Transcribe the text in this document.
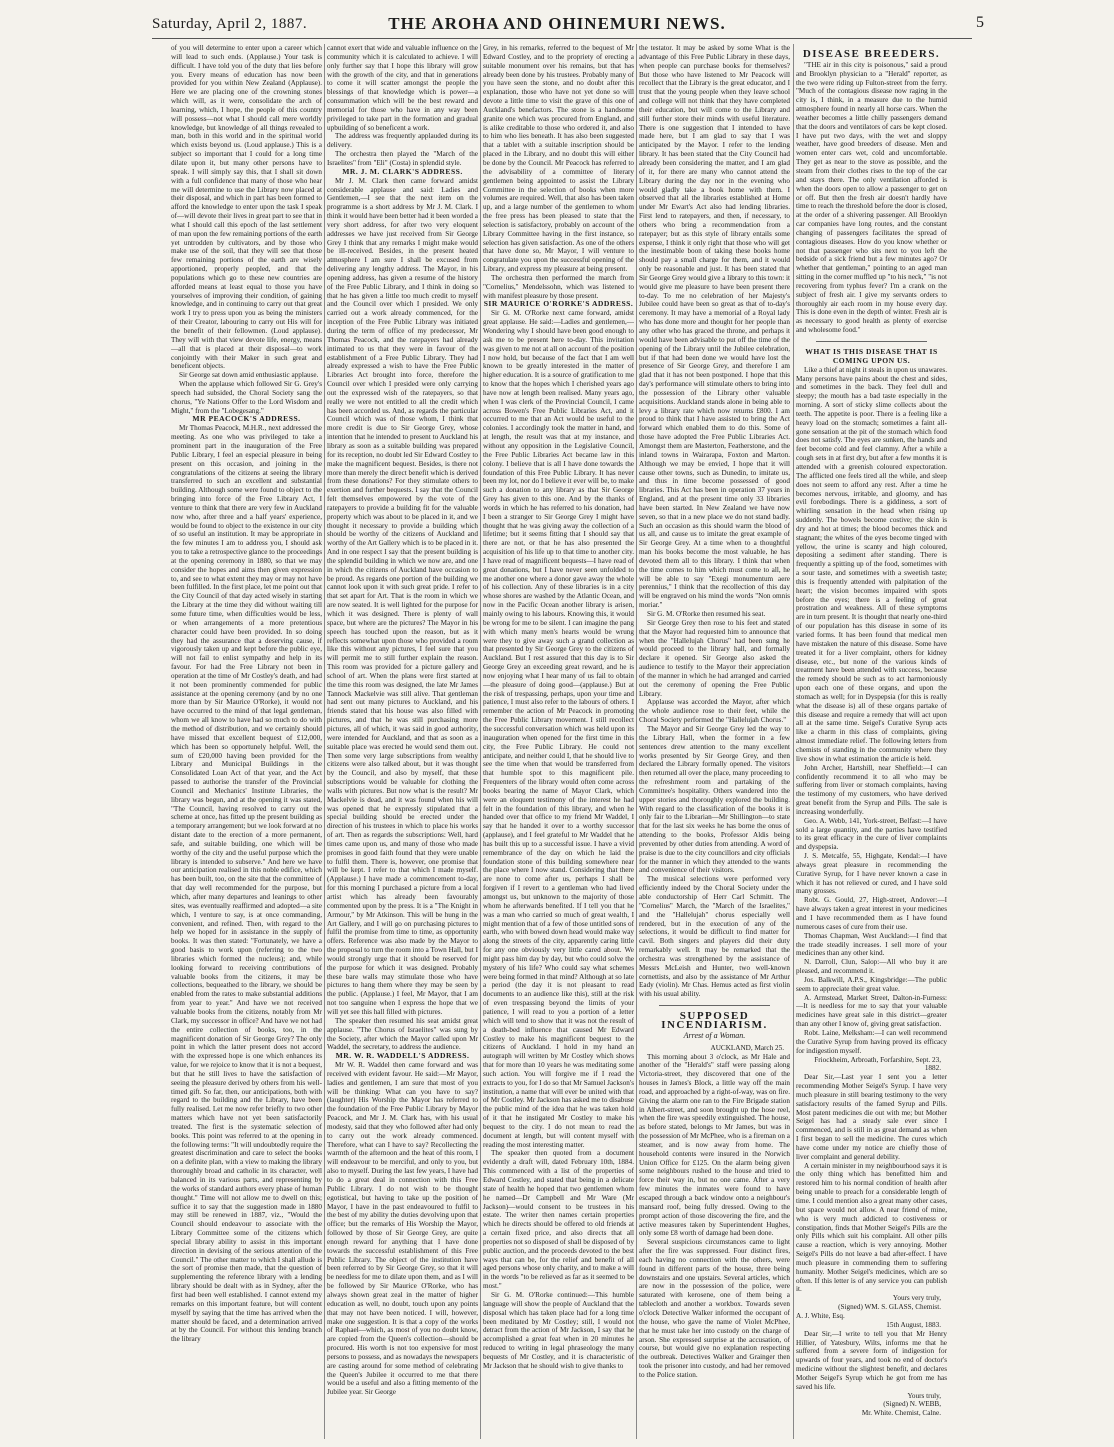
Saturday, April 2, 1887.	THE AROHA AND OHINEMURI NEWS.	5

of you will determine to enter upon a career which will lead to such ends. (Applause.) Your task is difficult. I have told you of the duty that lies before you. Every means of education has now been provided for you within New Zealand (Applause). Here we are placing one of the crowning stones which will, as it were, consolidate the arch of learning, which, I hope, the people of this country will possess—not what I should call mere worldly knowledge, but knowledge of all things revealed to man, both in this world and in the spiritual world which exists beyond us. (Loud applause.) This is a subject so important that I could for a long time dilate upon it, but many other persons have to speak. I will simply say this, that I shall sit down with a full confidence that many of those who hear me will determine to use the Library now placed at their disposal, and which in part has been formed to afford the knowledge to enter upon the task I speak of—will devote their lives in great part to see that in what I should call this epoch of the last settlement of man upon the few remaining portions of the earth yet untrodden by cultivators, and by those who make use of the soil, that they will see that those few remaining portions of the earth are wisely apportioned, properly peopled, and that the populations which go to these new countries are afforded means at least equal to those you have yourselves of improving their condition, of gaining knowledge, and in continuing to carry out that great work I try to press upon you as being the ministers of their Creator, labouring to carry out His will for the benefit of their fellowmen. (Loud applause). They will with that view devote life, energy, means—all that is placed at their disposal—to work conjointly with their Maker in such great and beneficent objects.

Sir George sat down amid enthusiastic applause.

When the applause which followed Sir G. Grey's speech had subsided, the Choral Society sang the chorus, "Ye Nations Offer to the Lord Wisdom and Might," from the "Lobegesang."

MR PEACOCK'S ADDRESS.

Mr Thomas Peacock, M.H.R., next addressed the meeting. As one who was privileged to take a prominent part in the inauguration of the Free Public Library, I feel an especial pleasure in being present on this occasion, and joining in the congratulations of the citizens at seeing the library transferred to such an excellent and substantial building. Although some were found to object to the bringing into force of the Free Library Act, I venture to think that there are very few in Auckland now who, after three and a half years' experience, would be found to object to the existence in our city of so useful an institution. It may be appropriate in the few minutes I am to address you, I should ask you to take a retrospective glance to the proceedings at the opening ceremony in 1880, so that we may consider the hopes and aims then given expression to, and see to what extent they may or may not have been fulfilled. In the first place, let me point out that the City Council of that day acted wisely in starting the Library at the time they did without waiting till some future time, when difficulties would be less, or when arrangements of a more pretentious character could have been provided. In so doing they had the assurance that a deserving cause, if vigorously taken up and kept before the public eye, will not fail to enlist sympathy and help in its favour. For had the Free Library not been in operation at the time of Mr Costley's death, and had it not been prominently commended for public assistance at the opening ceremony (and by no one more than by Sir Maurice O'Rorke), it would not have occurred to the mind of that legal gentleman, whom we all know to have had so much to do with the method of distribution, and we certainly should have missed that excellent bequest of £12,000, which has been so opportunely helpful. Well, the sum of £20,000 having been provided for the Library and Municipal Buildings in the Consolidated Loan Act of that year, and the Act passed to authorise the transfer of the Provincial Council and Mechanics' Institute Libraries, the library was begun, and at the opening it was stated, "The Council, having resolved to carry out the scheme at once, has fitted up the present building as a temporary arrangement; but we look forward at no distant date to the erection of a more permanent, safe, and suitable building, one which will be worthy of the city and the useful purpose which the library is intended to subserve." And here we have our anticipation realised in this noble edifice, which has been built, too, on the site that the committee of that day well recommended for the purpose, but which, after many departures and leanings to other sites, was eventually reaffirmed and adopted—a site which, I venture to say, is at once commanding, convenient, and refined. Then, with regard to the help we hoped for in assistance in the supply of books. It was then stated: "Fortunately, we have a good basis to work upon (referring to the two libraries which formed the nucleus); and, while looking forward to receiving contributions of valuable books from the citizens, it may be collections, bequeathed to the library, we should be enabled from the rates to make substantial additions from year to year." And have we not received valuable books from the citizens, notably from Mr Clark, my successor in office? And have we not had the entire collection of books, too, in the magnificent donation of Sir George Grey? The only point in which the latter present does not accord with the expressed hope is one which enhances its value, for we rejoice to know that it is not a bequest, but that he still lives to have the satisfaction of seeing the pleasure derived by others from his well-timed gift. So far, then, our anticipations, both with regard to the building and the Library, have been fully realised. Let me now refer briefly to two other matters which have not yet been satisfactorily treated. The first is the systematic selection of books. This point was referred to at the opening in the following terms: "It will undoubtedly require the greatest discrimination and care to select the books on a definite plan, with a view to making the library thoroughly broad and catholic in its character, well balanced in its various parts, and representing by the works of standard authors every phase of human thought." Time will not allow me to dwell on this; suffice it to say that the suggestion made in 1880 may still be renewed in 1887, viz., "Would the Council should endeavour to associate with the Library Committee some of the citizens which special library ability to assist in this important direction in devising of the serious attention of the Council." The other matter to which I shall allude is the sort of promise then made, that the question of supplementing the reference library with a lending library should be dealt with as in Sydney, after the first had been well established. I cannot extend my remarks on this important feature, but will content myself by saying that the time has arrived when the matter should be faced, and a determination arrived at by the Council. For without this lending branch the library

cannot exert that wide and valuable influence on the community which it is calculated to achieve. I will only further say that I hope this library will grow with the growth of the city, and that in generations to come it will scatter amongst the people the blessings of that knowledge which is power—a consummation which will be the best reward and memorial for those who have in any way been privileged to take part in the formation and gradual upbuilding of so beneficent a work.

The address was frequently applauded during its delivery.

The orchestra then played the "March of the Israelites" from "Eli" (Costa) in splendid style.

MR. J. M. CLARK'S ADDRESS.

Mr J. M. Clark then came forward amidst considerable applause and said: Ladies and Gentlemen,—I see that the next item on the programme is a short address by Mr J. M. Clark. I think it would have been better had it been worded a very short address, for after two very eloquent addresses we have just received from Sir George Grey I think that any remarks I might make would be ill-received. Besides, in the present heated atmosphere I am sure I shall be excused from delivering any lengthy address. The Mayor, in his opening address, has given a resume of the history of the Free Public Library, and I think in doing so that he has given a little too much credit to myself and the Council over which I presided. We only carried out a work already commenced, for the inception of the Free Public Library was initiated during the term of office of my predecessor, Mr Thomas Peacock, and the ratepayers had already intimated to us that they were in favour of the establishment of a Free Public Library. They had already expressed a wish to have the Free Public Libraries Act brought into force, therefore the Council over which I presided were only carrying out the expressed wish of the ratepayers, so that really we were not entitled to all the credit which has been accorded us. And, as regards the particular Council which was of those whom, I think that more credit is due to Sir George Grey, whose intention that he intended to present to Auckland his library as soon as a suitable building was prepared for its reception, no doubt led Sir Edward Costley to make the magnificent bequest. Besides, is there not more than merely the direct benefit which is derived from these donations? For they stimulate others to exertion and further bequests. I say that the Council felt themselves empowered by the vote of the ratepayers to provide a building fit for the valuable property which was about to be placed in it, and we thought it necessary to provide a building which should be worthy of the citizens of Auckland and worthy of the Art Gallery which is to be placed in it. And in one respect I say that the present building is the splendid building in which we now are, and one in which the citizens of Auckland have occasion to be proud. As regards one portion of the building we cannot look upon it with such great pride. I refer to that set apart for Art. That is the room in which we are now seated. It is well lighted for the purpose for which it was designed. There is plenty of wall space, but where are the pictures? The Mayor in his speech has touched upon the reason, but as it reflects somewhat upon those who provided a room like this without any pictures, I feel sure that you will permit me to still further explain the reason. This room was provided for a picture gallery and school of art. When the plans were first started at the time this room was designed, the late Mr James Tannock Mackelvie was still alive. That gentleman had sent out many pictures to Auckland, and his friends stated that his house was also filled with pictures, and that he was still purchasing more pictures, all of which, it was said in good authority, were intended for Auckland, and that as soon as a suitable place was erected he would send them out. Then some very large subscriptions from wealthy citizens were also talked about, but it was thought by the Council, and also by myself, that these subscriptions would be valuable for clothing the walls with pictures. But now what is the result? Mr Mackelvie is dead, and it was found when his will was opened that he expressly stipulated that a special building should be erected under the direction of his trustees in which to place his works of art. Then as regards the subscriptions: Well, hard times came upon us, and many of those who made promises in good faith found that they were unable to fulfil them. There is, however, one promise that will be kept. I refer to that which I made myself. (Applause.) I have made a commencement to-day, for this morning I purchased a picture from a local artist which has already been favourably commented upon by the press. It is a "The Knight in Armour," by Mr Atkinson. This will be hung in the Art Gallery, and I will go on purchasing pictures to fulfil the promise from time to time, as opportunity offers. Reference was also made by the Mayor to the proposal to turn the room into a Town Hall, but I would strongly urge that it should be reserved for the purpose for which it was designed. Probably these bare walls may stimulate those who have pictures to hang them where they may be seen by the public. (Applause.) I feel, Mr Mayor, that I am not too sanguine when I express the hope that we will yet see this hall filled with pictures.

The speaker then resumed his seat amidst great applause. "The Chorus of Israelites" was sung by the Society, after which the Mayor called upon Mr Waddel, the secretary, to address the audience.

MR. W. R. WADDELL'S ADDRESS.

Mr W. R. Waddel then came forward and was received with evident favour. He said:—Mr Mayor, ladies and gentlemen, I am sure that most of you will be thinking: What can you have to say? (laughter) His Worship the Mayor has referred to the foundation of the Free Public Library by Mayor Peacock, and Mr J. M. Clark has, with his usual modesty, said that they who followed after had only to carry out the work already commenced. Therefore, what can I have to say? Recollecting the warmth of the afternoon and the heat of this room, I will endeavour to be merciful, and only to you, but also to myself. During the last few years, I have had to do a great deal in connection with this Free Public Library. I do not wish to be thought egotistical, but having to take up the position of Mayor, I have in the past endeavoured to fulfil to the best of my ability the duties devolving upon that office; but the remarks of His Worship the Mayor, followed by those of Sir George Grey, are quite enough reward for anything that I have done towards the successful establishment of this Free Public Library. The object of the institution have been referred to by Sir George Grey, so that it will be needless for me to dilate upon them, and as I will be followed by Sir Maurice O'Rorke, who has always shown great zeal in the matter of higher education as well, no doubt, touch upon any points that may not have been noticed. I will, however, make one suggestion. It is that a copy of the works of Raphael—which, as most of you no doubt know, are copied from the Queen's collection—should be procured. His worth is not too expensive for most persons to possess, and as nowadays the newspapers are casting around for some method of celebrating the Queen's Jubilee it occurred to me that there would be a useful and also a fitting memento of the Jubilee year. Sir George

Grey, in his remarks, referred to the bequest of Mr Edward Costley, and to the propriety of erecting a suitable monument over his remains, but that has already been done by his trustees. Probably many of you have seen the stone, and no doubt after this explanation, those who have not yet done so will devote a little time to visit the grave of this one of Auckland's benefactors. The stone is a handsome granite one which was procured from England, and is alike creditable to those who ordered it, and also to him who lies beneath. It has also been suggested that a tablet with a suitable inscription should be placed in the Library, and no doubt this will either be done by the Council. Mr Peacock has referred to the advisability of a committee of literary gentlemen being appointed to assist the Library Committee in the selection of books when more volumes are required. Well, that also has been taken up, and a large number of the gentlemen to whom the free press has been pleased to state that the selection is satisfactory, probably on account of the Library Committee having in the first instance, so selection has given satisfaction. As one of the others that have done so, Mr Mayor, I will venture to congratulate you upon the successful opening of the Library, and express my pleasure at being present.

The orchestra then performed the march from "Cornelius," Mendelssohn, which was listened to with manifest pleasure by those present.

SIR MAURICE O'RORKE'S ADDRESS.

Sir G. M. O'Rorke next came forward, amidst great applause. He said:—Ladies and gentlemen,—Wondering why I should have been good enough to ask me to be present here to-day. This invitation was given to me not at all on account of the position I now hold, but because of the fact that I am well known to be greatly interested in the matter of higher education. It is a source of gratification to me to know that the hopes which I cherished years ago have now at length been realised. Many years ago, when I was clerk of the Provincial Council, I came across Bowen's Free Public Libraries Act, and it occurred to me that an Act would be useful to the colonies. I accordingly took the matter in hand, and at length, the result was that at my instance, and without any opposition in the Legislative Council, the Free Public Libraries Act became law in this colony. I believe that is all I have done towards the foundation of this Free Public Library. It has never been my lot, nor do I believe it ever will be, to make such a donation to any library as that Sir George Grey has given to this one. And by the thanks of words in which he has referred to his donation, had I been a stranger to Sir George Grey I might have thought that he was giving away the collection of a lifetime; but it seems fitting that I should say that there are not, or that he has also presented the acquisition of his life up to that time to another city. I have read of magnificent bequests—I have read of great donations, but I have never seen unfolded to me another one where a donor gave away the whole of his collection. Any of these libraries is in a city whose shores are washed by the Atlantic Ocean, and now in the Pacific Ocean another library is arisen, mainly owing to his labours. Knowing this, it would be wrong for me to be silent. I can imagine the pang with which many men's hearts would be wrung were they to give away such a grand collection as that presented by Sir George Grey to the citizens of Auckland. But I rest assured that this day is to Sir George Grey an exceeding great reward, and he is now enjoying what I hear many of us fail to obtain—the pleasure of doing good—(applause.) But at the risk of trespassing, perhaps, upon your time and patience, I must also refer to the labours of others. I remember the action of Mr Peacock in promoting the Free Public Library movement. I still recollect the successful conversation which was held upon its inauguration when opened for the first time in this city, the Free Public Library. He could not anticipate, and neither could I, that he should live to see the time when that would be transferred from that humble spot to this magnificent pile. Frequenters of the library would often come across books bearing the name of Mayor Clark, which were an eloquent testimony of the interest he had felt in the foundation of this library, and when he handed over that office to my friend Mr Waddel, I say that he handed it over to a worthy successor (applause), and I feel grateful to Mr Waddel that he has built this up to a successful issue. I have a vivid remembrance of the day on which he laid the foundation stone of this building somewhere near the place where I now stand. Considering that there are none to come after us, perhaps I shall be forgiven if I revert to a gentleman who had lived amongst us, but unknown to the majority of those whom he afterwards benefited. If I tell you that he was a man who carried so much of great wealth, I might mention that of a few of those untitled sons of earth, who with bowed down head would make way along the streets of the city, apparently caring little for any one obviously very little cared about. We might pass him day by day, but who could solve the mystery of his life? Who could say what schemes were being formed in that mind? Although at so late a period (the day it is not pleasant to read documents to an audience like this), still at the risk of even trespassing beyond the limits of your patience, I will read to you a portion of a letter which will tend to show that it was not the result of a death-bed influence that caused Mr Edward Costley to make his magnificent bequest to the citizens of Auckland. I hold in my hand an autograph will written by Mr Costley which shows that for more than 10 years he was meditating some such action. You will forgive me if I read the extracts to you, for I do so that Mr Samuel Jackson's institution, a name that will ever be united with that of Mr Costley. Mr Jackson has asked me to disabuse the public mind of the idea that he was taken hold of it that he instigated Mr Costley to make his bequest to the city. I do not mean to read the document at length, but will content myself with reading the most interesting matter.

The speaker then quoted from a document evidently a draft will, dated February 10th, 1884. This commenced with a list of the properties of Edward Costley, and stated that being in a delicate state of health he hoped that two gentlemen whom he named—Dr Campbell and Mr Ware (Mr Jackson)—would consent to be trustees in his estate. The writer then names certain properties which he directs should be offered to old friends at a certain fixed price, and also directs that all properties not so disposed of shall be disposed of by public auction, and the proceeds devoted to the best ways that can be, for the relief and benefit of all aged persons whose only charity, and to make a will in the words "to be relieved as far as it seemed to be most."

Sir G. M. O'Rorke continued:—This humble language will show the people of Auckland that the disposal which has taken place had for a long time been meditated by Mr Costley; still, I would not detract from the action of Mr Jackson, I say that he accomplished a great feat when in 20 minutes he reduced to writing in legal phraseology the many bequests of Mr Costley, and it is characteristic of Mr Jackson that he should wish to give thanks to

the testator. It may be asked by some What is the advantage of this Free Public Library in these days, when people can purchase books for themselves? But those who have listened to Mr Peacock will recollect that the Library is the great educator, and I trust that the young people when they leave school and college will not think that they have completed their education, but will come to the Library and still further store their minds with useful literature. There is one suggestion that I intended to have made here, but I am glad to say that I was anticipated by the Mayor. I refer to the lending library. It has been stated that the City Council had already been considering the matter, and I am glad of it, for there are many who cannot attend the Library during the day nor in the evening who would gladly take a book home with them. I observed that all the libraries established at Home under Mr Ewart's Act also had lending libraries. First lend to ratepayers, and then, if necessary, to others who bring a recommendation from a ratepayer; but as this style of library entails some expense, I think it only right that those who will get the inestimable boon of taking these books home should pay a small charge for them, and it would only be reasonable and just. It has been stated that Sir George Grey would give a library to this town: it would give me pleasure to have been present there to-day. To me no celebration of her Majesty's Jubilee could have been so great as that of to-day's ceremony. It may have a memorial of a Royal lady who has done more and thought for her people than any other who has graced the throne, and perhaps it would have been advisable to put off the time of the opening of the Library until the Jubilee celebration, but if that had been done we would have lost the presence of Sir George Grey, and therefore I am glad that it has not been postponed. I hope that this day's performance will stimulate others to bring into the possession of the Library other valuable acquisitions. Auckland stands alone in being able to levy a library rate which now returns £800. I am proud to think that I have assisted to bring the Act forward which enabled them to do this. Some of those have adopted the Free Public Libraries Act. Amongst them are Masterton, Featherstone, and the inland towns in Wairarapa, Foxton and Marton. Although we may be envied, I hope that it will cause other towns, such as Dunedin, to imitate us, and thus in time become possessed of good libraries. This Act has been in operation 37 years in England, and at the present time only 33 libraries have been started. In New Zealand we have now seven, so that in a new place we do not stand badly. Such an occasion as this should warm the blood of us all, and cause us to imitate the great example of Sir George Grey. At a time when to a thoughtful man his books become the most valuable, he has devoted them all to this library. I think that when the time comes to him which must come to all, he will be able to say "Exegi monumentum aere perennius," I think that the recollection of this day will be engraved on his mind the words "Non omnis moriar."

Sir G. M. O'Rorke then resumed his seat.

Sir George Grey then rose to his feet and stated that the Mayor had requested him to announce that when the "Hallelujah Chorus" had been sung he would proceed to the library hall, and formally declare it opened. Sir George also asked the audience to testify to the Mayor their appreciation of the manner in which he had arranged and carried out the ceremony of opening the Free Public Library.

Applause was accorded the Mayor, after which the whole audience rose to their feet, while the Choral Society performed the "Hallelujah Chorus."

The Mayor and Sir George Grey led the way to the Library Hall, when the former in a few sentences drew attention to the many excellent works presented by Sir George Grey, and then declared the Library formally opened. The visitors then returned all over the place, many proceeding to the refreshment room and partaking of the Committee's hospitality. Others wandered into the upper stories and thoroughly explored the building. With regard to the classification of the books it is only fair to the Librarian—Mr Shillington—to state that for the last six weeks he has borne the onus of attending to the books, Professor Aldis being prevented by other duties from attending. A word of praise is due to the city councillors and city officials for the manner in which they attended to the wants and convenience of their visitors.

The musical selections were performed very efficiently indeed by the Choral Society under the able conductorship of Herr Carl Schmitt. The "Cornelius" March, the "March of the Israelites," and the "Hallelujah" chorus especially well rendered, but in the execution of any of the selections, it would be difficult to find matter for cavil. Both singers and players did their duty remarkably well. It may be remarked that the orchestra was strengthened by the assistance of Messrs McLeish and Hunter, two well-known cornettists, and also by the assistance of Mr Arthur Eady (violin). Mr Chas. Hemus acted as first violin with his usual ability.

SUPPOSED INCENDIARISM.
Arrest of a Woman.

AUCKLAND, March 25.

This morning about 3 o'clock, as Mr Hale and another of the "Herald's" staff were passing along Victoria-street, they discovered that one of the houses in James's Block, a little way off the main road, and approached by a right-of-way, was on fire. Giving the alarm one ran to the Fire Brigade station in Albert-street, and soon brought up the hose reel, when the fire was speedily extinguished. The house, as before stated, belongs to Mr James, but was in the possession of Mr McPhee, who is a fireman on a steamer, and is now away from home. The household contents were insured in the Norwich Union Office for £125. On the alarm being given some neighbours rushed to the house and tried to force their way in, but no one came. After a very few minutes the inmates were found to have escaped through a back window onto a neighbour's mansard roof, being fully dressed. Owing to the prompt action of those discovering the fire, and the active measures taken by Superintendent Hughes, only some £8 worth of damage had been done.

Several suspicious circumstances came to light after the fire was suppressed. Four distinct fires, each having no connection with the others, were found in different parts of the house, three being downstairs and one upstairs. Several articles, which are now in the possession of the police, were saturated with kerosene, one of them being a tablecloth and another a workbox. Towards seven o'clock Detective Walker informed the occupant of the house, who gave the name of Violet McPhee, that he must take her into custody on the charge of arson. She expressed surprise at the accusation, of course, but would give no explanation respecting the outbreak. Detectives Walker and Grainger then took the prisoner into custody, and had her removed to the Police station.

DISEASE BREEDERS.

"THE air in this city is poisonous," said a proud and Brooklyn physician to a "Herald" reporter, as the two were riding up Fulton-street from the ferry. "Much of the contagious disease now raging in the city is, I think, in a measure due to the humid atmosphere found in nearly all horse cars. When the weather becomes a little chilly passengers demand that the doors and ventilators of cars be kept closed. I have put two days, with the wet and sloppy weather, have good breeders of disease. Men and women enter cars wet, cold and uncomfortable. They get as near to the stove as possible, and the steam from their clothes rises to the top of the car and stays there. The only ventilation afforded is when the doors open to allow a passenger to get on or off. But then the fresh air doesn't hardly have time to reach the threshold before the door is closed, at the order of a shivering passenger. All Brooklyn car companies have long routes, and the constant changing of passengers facilitates the spread of contagious diseases. How do you know whether or not that passenger who sits next to you left the bedside of a sick friend but a few minutes ago? Or whether that gentleman," pointing to an aged man sitting in the corner muffled up "to his neck," "is not recovering from typhus fever? I'm a crank on the subject of fresh air. I give my servants orders to thoroughly air each room in my house every day. This is done even in the depth of winter. Fresh air is as necessary to good health as plenty of exercise and wholesome food."

WHAT IS THIS DISEASE THAT IS COMING UPON US.

Like a thief at night it steals in upon us unawares. Many persons have pains about the chest and sides, and sometimes in the back. They feel dull and sleepy; the mouth has a bad taste especially in the morning. A sort of sticky slime collects about the teeth. The appetite is poor. There is a feeling like a heavy load on the stomach; sometimes a faint all-gone sensation at the pit of the stomach which food does not satisfy. The eyes are sunken, the hands and feet become cold and feel clammy. After a while a cough sets in at first dry, but after a few months it is attended with a greenish coloured expectoration. The afflicted one feels tired all the while, and sleep does not seem to afford any rest. After a time he becomes nervous, irritable, and gloomy, and has evil forebodings. There is a giddiness, a sort of whirling sensation in the head when rising up suddenly. The bowels become costive; the skin is dry and hot at times; the blood becomes thick and stagnant; the whites of the eyes become tinged with yellow, the urine is scanty and high coloured, depositing a sediment after standing. There is frequently a spitting up of the food, sometimes with a sour taste, and sometimes with a sweetish taste; this is frequently attended with palpitation of the heart; the vision becomes impaired with spots before the eyes; there is a feeling of great prostration and weakness. All of these symptoms are in turn present. It is thought that nearly one-third of our population has this disease in some of its varied forms. It has been found that medical men have mistaken the nature of this disease. Some have treated it for a liver complaint, others for kidney disease, etc., but none of the various kinds of treatment have been attended with success, because the remedy should be such as to act harmoniously upon each one of these organs, and upon the stomach as well; for in Dyspepsia (for this is really what the disease is) all of these organs partake of this disease and require a remedy that will act upon all at the same time. Seigel's Curative Syrup acts like a charm in this class of complaints, giving almost immediate relief. The following letters from chemists of standing in the community where they live show in what estimation the article is held.

John Archer, Hartshill, near Sheffield:—I can confidently recommend it to all who may be suffering from liver or stomach complaints, having the testimony of my customers, who have derived great benefit from the Syrup and Pills. The sale is increasing wonderfully.

Geo. A. Webb, 141, York-street, Belfast:—I have sold a large quantity, and the parties have testified to its great efficacy in the cure of liver complaints and dyspepsia.

J. S. Metcalfe, 55, Highgate, Kendal:—I have always great pleasure in recommending the Curative Syrup, for I have never known a case in which it has not relieved or cured, and I have sold many grosses.

Robt. G. Gould, 27, High-street, Andover:—I have always taken a great interest in your medicines and I have recommended them as I have found numerous cases of cure from their use.

Thomas Chapman, West Auckland:—I find that the trade steadily increases. I sell more of your medicines than any other kind.

N. Darroll, Clun, Salop:—All who buy it are pleased, and recommend it.

Jos. Balkwill, A.P.S., Kingsbridge:—The public seem to appreciate their great value.

A. Armstead, Market Street, Dalton-in-Furness:—It is needless for me to say that your valuable medicines have great sale in this district—greater than any other I know of, giving great satisfaction.

Robt. Laine, Melksham:—I can well recommend the Curative Syrup from having proved its efficacy for indigestion myself.

Friockheim, Arbroath, Forfarshire, Sept. 23, 1882.

Dear Sir,—Last year I sent you a letter recommending Mother Seigel's Syrup. I have very much pleasure in still bearing testimony to the very satisfactory results of the famed Syrup and Pills. Most patent medicines die out with me; but Mother Seigel has had a steady sale ever since I commenced, and is still in as great demand as when I first began to sell the medicine. The cures which have come under my notice are chiefly those of liver complaint and general debility.

A certain minister in my neighbourhood says it is the only thing which has benefitted him and restored him to his normal condition of health after being unable to preach for a considerable length of time. I could mention also a great many other cases, but space would not allow. A near friend of mine, who is very much addicted to costiveness or constipation, finds that Mother Seigel's Pills are the only Pills which suit his complaint. All other pills cause a reaction, which is very annoying. Mother Seigel's Pills do not leave a bad after-effect. I have much pleasure in commending them to suffering humanity. Mother Seigel's medicines, which are so often. If this letter is of any service you can publish it.

Yours very truly,

(Signed) WM. S. GLASS, Chemist.

A. J. White, Esq.

15th August, 1883.

Dear Sir,—I write to tell you that Mr Henry Hillier, of Yatesbury, Wilts, informs me that he suffered from a severe form of indigestion for upwards of four years, and took no end of doctor's medicine without the slightest benefit, and declares Mother Seigel's Syrup which he got from me has saved his life.

Yours truly,

(Signed) N. WEBB,

Mr. White. Chemist, Calne.
